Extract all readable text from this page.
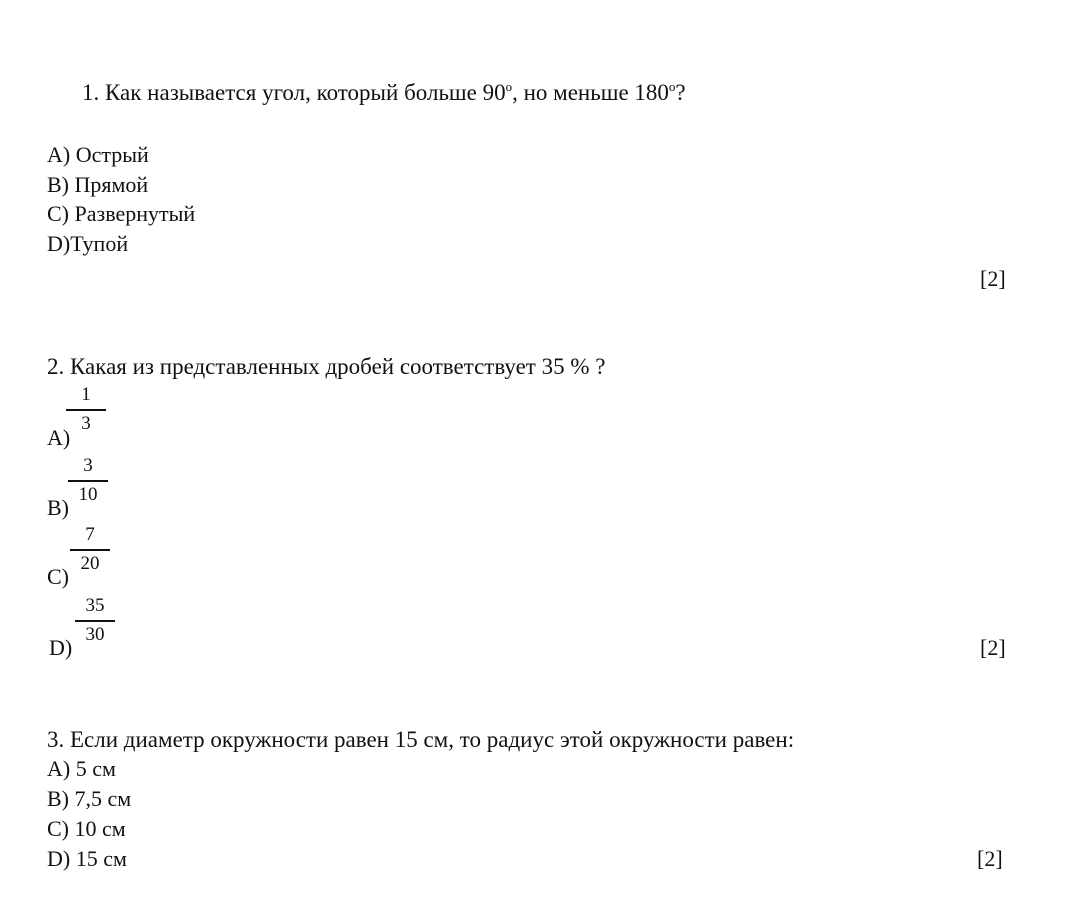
1. Как называется угол, который больше 90$^o$, но меньше 180$^o$?
A) Острый
B) Прямой
C) Развернутый
D)Тупой
[2]
2. Какая из представленных дробей соответствует 35 % ?
A)
1
3
B)
3
10
C)
7
20
D)
35
30
[2]
3. Если диаметр окружности равен 15 см, то радиус этой окружности равен:
A) 5 см
B) 7,5 см
C) 10 см
D) 15 см	[2]
